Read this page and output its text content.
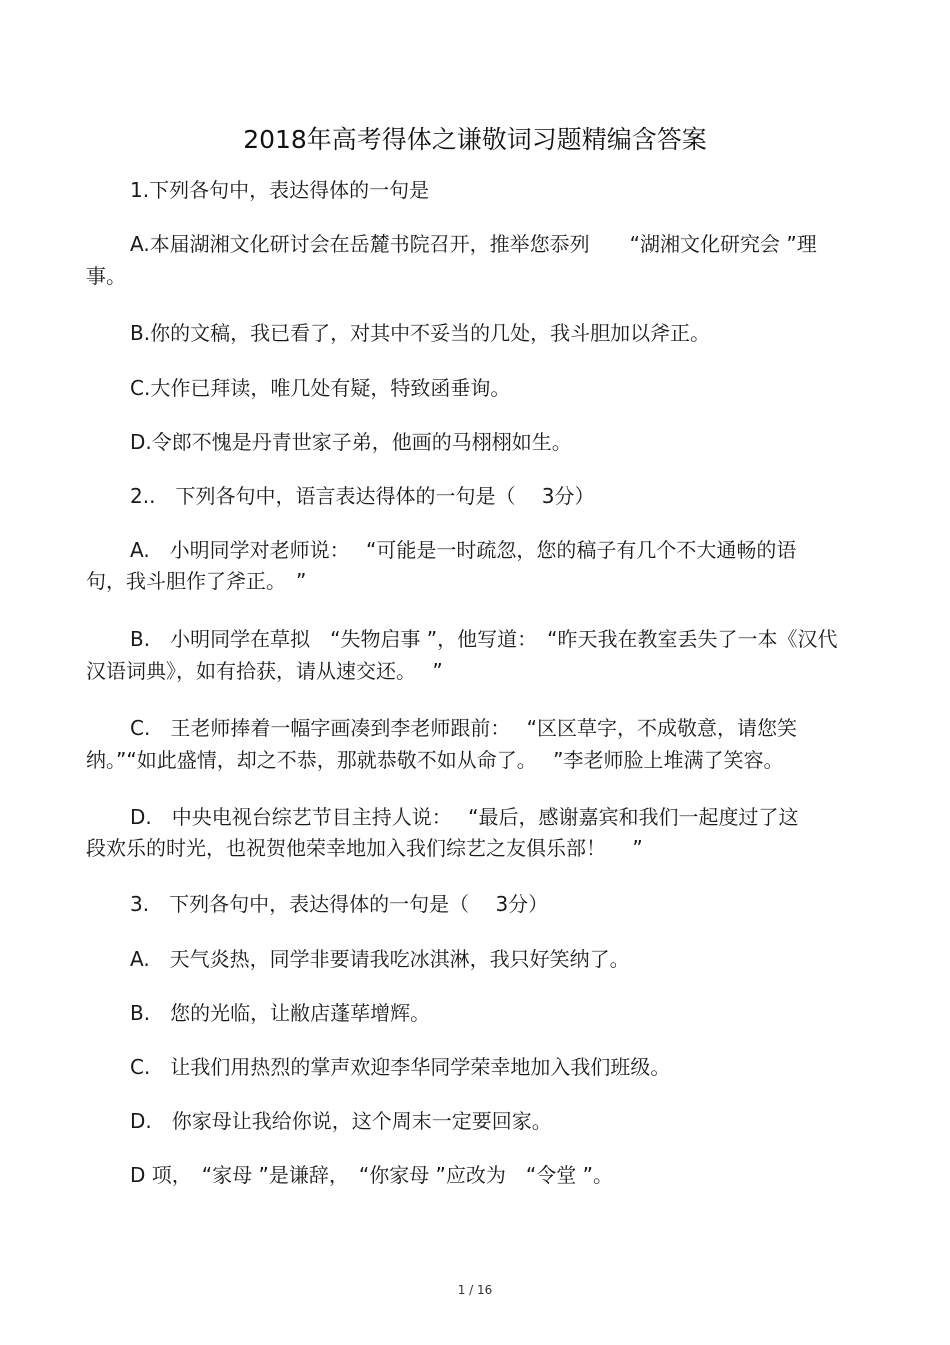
2018年高考得体之谦敬词习题精编含答案
1.下列各句中，表达得体的一句是
A.本届湖湘文化研讨会在岳麓书院召开，推举您忝列　　“湖湘文化研究会 ”理
事。
B.你的文稿，我已看了，对其中不妥当的几处，我斗胆加以斧正。
C.大作已拜读，唯几处有疑，特致函垂询。
D.令郎不愧是丹青世家子弟，他画的马栩栩如生。
2..　下列各句中，语言表达得体的一句是（　 3分）
A.　小明同学对老师说：　 “可能是一时疏忽，您的稿子有几个不大通畅的语
句，我斗胆作了斧正。　”
B.　小明同学在草拟　“失物启事 ”，他写道：　“昨天我在教室丢失了一本《汉代
汉语词典》，如有拾获，请从速交还。　 ”
C.　王老师捧着一幅字画凑到李老师跟前：　 “区区草字，不成敬意，请您笑
纳。”“如此盛情，却之不恭，那就恭敬不如从命了。　 ”李老师脸上堆满了笑容。
D.　中央电视台综艺节目主持人说：　 “最后，感谢嘉宾和我们一起度过了这
段欢乐的时光，也祝贺他荣幸地加入我们综艺之友俱乐部！　 ”
3.　下列各句中，表达得体的一句是（　 3分）
A.　天气炎热，同学非要请我吃冰淇淋，我只好笑纳了。
B.　您的光临，让敝店蓬荜增辉。
C.　让我们用热烈的掌声欢迎李华同学荣幸地加入我们班级。
D.　你家母让我给你说，这个周末一定要回家。
D 项，　“家母 ”是谦辞，　“你家母 ”应改为　“令堂 ”。
1 / 16
